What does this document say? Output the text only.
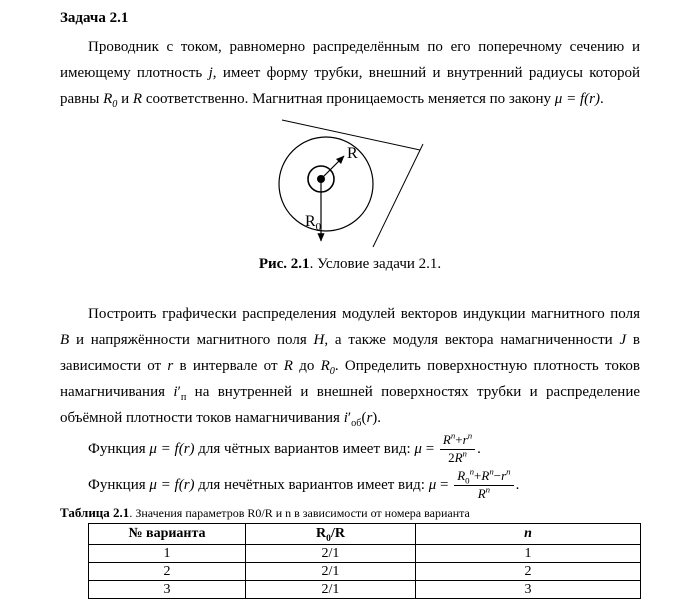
Задача 2.1

Проводник с током, равномерно распределённым по его поперечному сечению и имеющему плотность j, имеет форму трубки, внешний и внутренний радиусы которой равны $R_0$ и R соответственно. Магнитная проницаемость меняется по закону μ = f(r).

R
$R_0$

Рис. 2.1. Условие задачи 2.1.

Построить графически распределения модулей векторов индукции магнитного поля B и напряжённости магнитного поля H, а также модуля вектора намагниченности J в зависимости от r в интервале от R до $R_0$. Определить поверхностную плотность токов намагничивания $i'_п$ на внутренней и внешней поверхностях трубки и распределение объёмной плотности токов намагничивания $i'_{об}(r)$.

Функция μ = f(r) для чётных вариантов имеет вид: $\mu = \frac{R^n+r^n}{2R^n}$ .

Функция μ = f(r) для нечётных вариантов имеет вид: $\mu = \frac{R_0^n+R^n-r^n}{R^n}$ .

Таблица 2.1. Значения параметров R0/R и n в зависимости от номера варианта

№ варианта	$R_0/R$	n
1	2/1	1
2	2/1	2
3	2/1	3
